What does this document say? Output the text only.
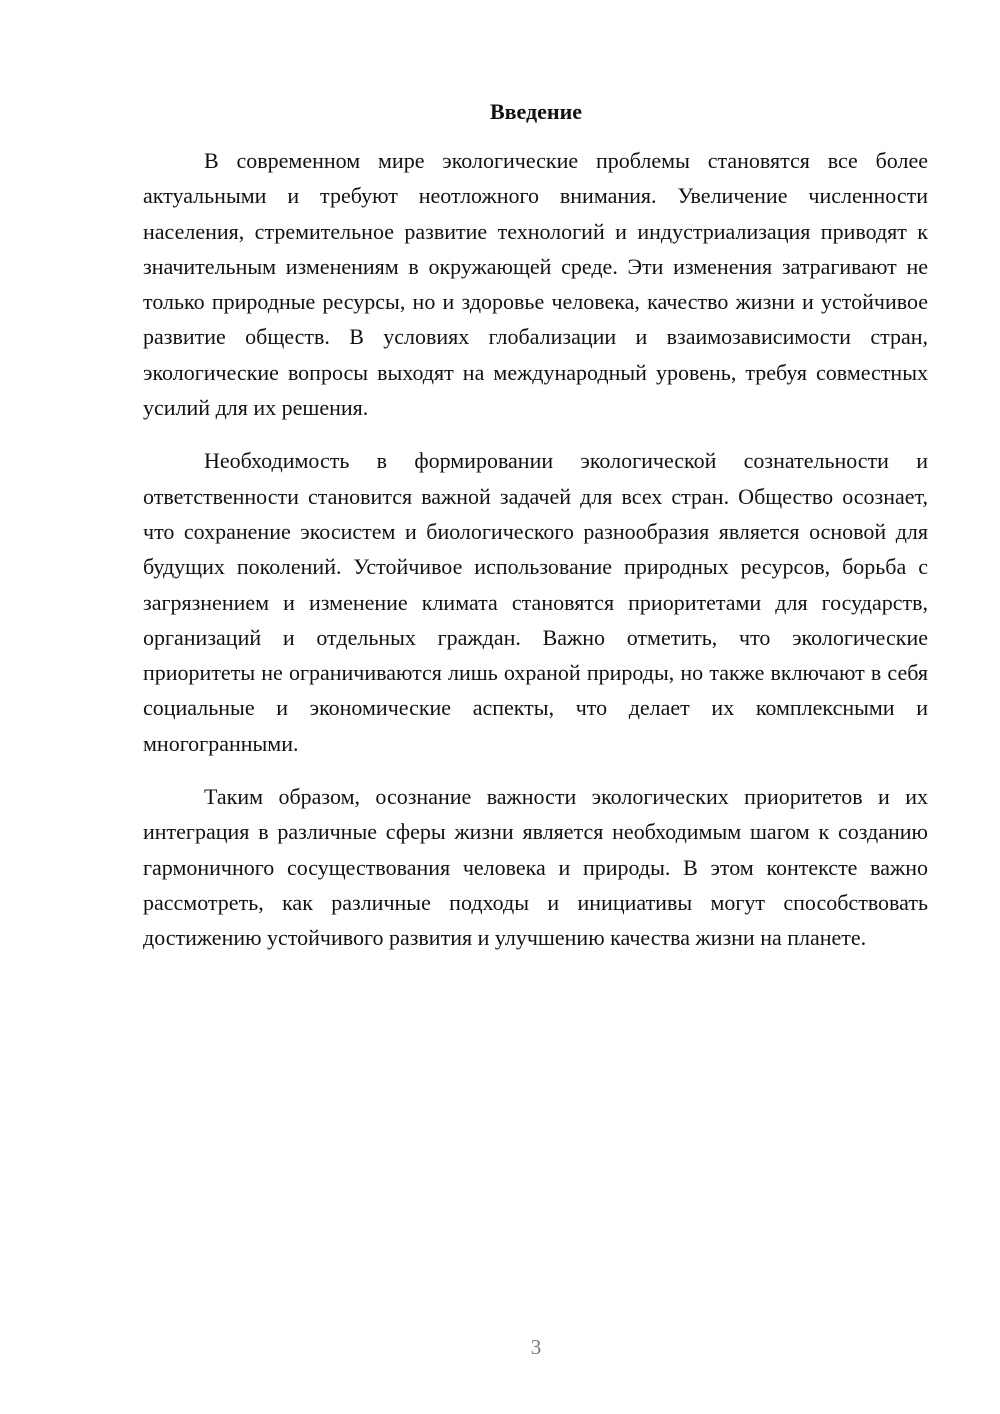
Введение

В современном мире экологические проблемы становятся все более актуальными и требуют неотложного внимания. Увеличение численности населения, стремительное развитие технологий и индустриализация приводят к значительным изменениям в окружающей среде. Эти изменения затрагивают не только природные ресурсы, но и здоровье человека, качество жизни и устойчивое развитие обществ. В условиях глобализации и взаимозависимости стран, экологические вопросы выходят на международный уровень, требуя совместных усилий для их решения.

Необходимость в формировании экологической сознательности и ответственности становится важной задачей для всех стран. Общество осознает, что сохранение экосистем и биологического разнообразия является основой для будущих поколений. Устойчивое использование природных ресурсов, борьба с загрязнением и изменение климата становятся приоритетами для государств, организаций и отдельных граждан. Важно отметить, что экологические приоритеты не ограничиваются лишь охраной природы, но также включают в себя социальные и экономические аспекты, что делает их комплексными и многогранными.

Таким образом, осознание важности экологических приоритетов и их интеграция в различные сферы жизни является необходимым шагом к созданию гармоничного сосуществования человека и природы. В этом контексте важно рассмотреть, как различные подходы и инициативы могут способствовать достижению устойчивого развития и улучшению качества жизни на планете.

3
